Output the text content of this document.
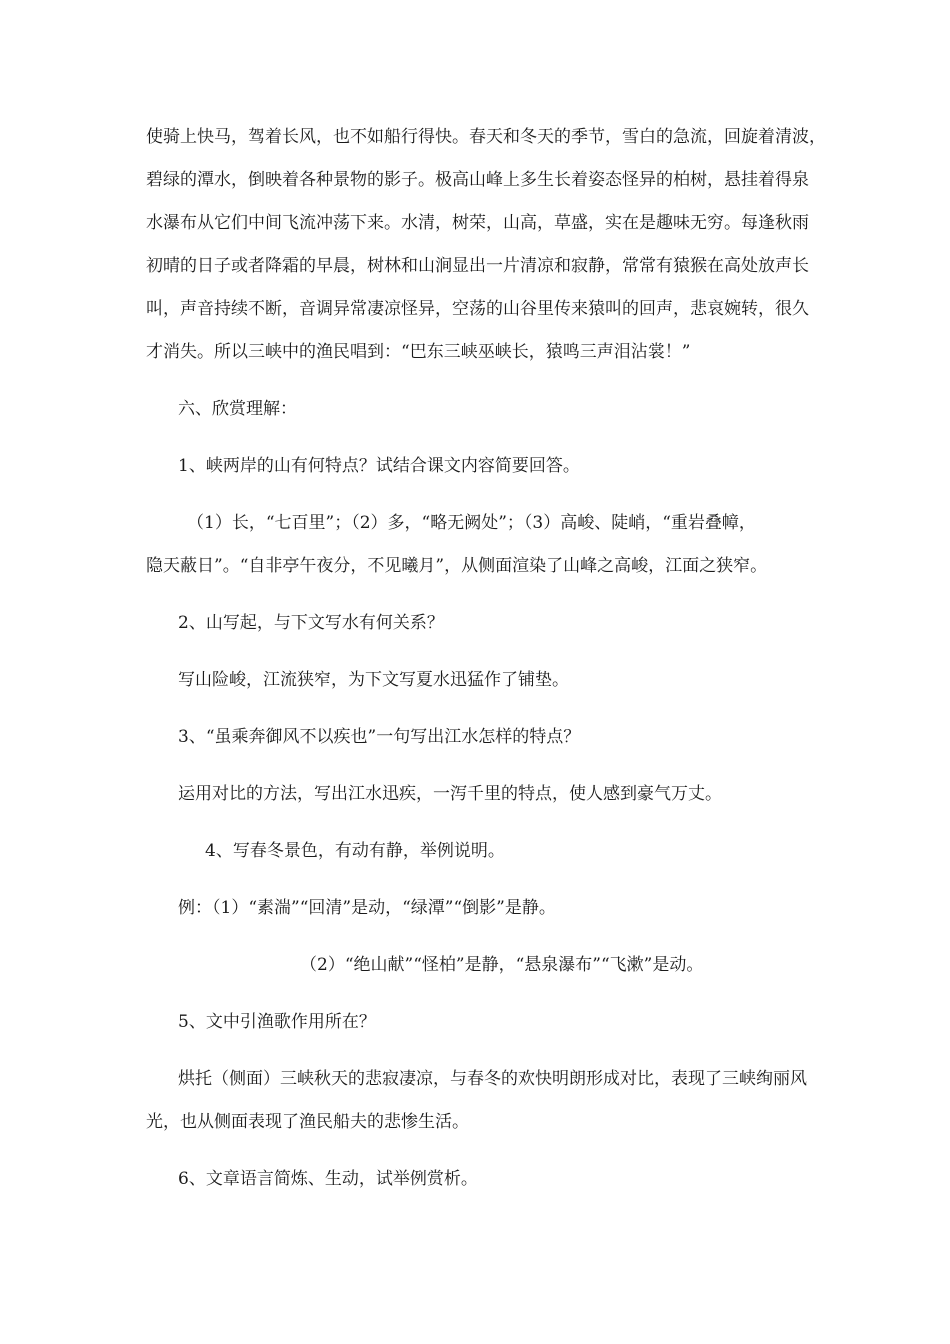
使骑上快马，驾着长风，也不如船行得快。春天和冬天的季节，雪白的急流，回旋着清波，
碧绿的潭水，倒映着各种景物的影子。极高山峰上多生长着姿态怪异的柏树，悬挂着得泉
水瀑布从它们中间飞流冲荡下来。水清，树荣，山高，草盛，实在是趣味无穷。每逢秋雨
初晴的日子或者降霜的早晨，树林和山涧显出一片清凉和寂静，常常有猿猴在高处放声长
叫，声音持续不断，音调异常凄凉怪异，空荡的山谷里传来猿叫的回声，悲哀婉转，很久
才消失。所以三峡中的渔民唱到：“巴东三峡巫峡长，猿鸣三声泪沾裳！”
六、欣赏理解：
1、峡两岸的山有何特点？试结合课文内容简要回答。
（1）长，“七百里”；（2）多，“略无阙处”；（3）高峻、陡峭，“重岩叠幛，
隐天蔽日”。“自非亭午夜分，不见曦月”，从侧面渲染了山峰之高峻，江面之狭窄。
2、山写起，与下文写水有何关系？
写山险峻，江流狭窄，为下文写夏水迅猛作了铺垫。
3、“虽乘奔御风不以疾也”一句写出江水怎样的特点？
运用对比的方法，写出江水迅疾，一泻千里的特点，使人感到豪气万丈。
4、写春冬景色，有动有静，举例说明。
例：（1）“素湍”“回清”是动，“绿潭”“倒影”是静。
（2）“绝山献”“怪柏”是静，“悬泉瀑布”“飞漱”是动。
5、文中引渔歌作用所在？
烘托（侧面）三峡秋天的悲寂凄凉，与春冬的欢快明朗形成对比，表现了三峡绚丽风
光，也从侧面表现了渔民船夫的悲惨生活。
6、文章语言简炼、生动，试举例赏析。
